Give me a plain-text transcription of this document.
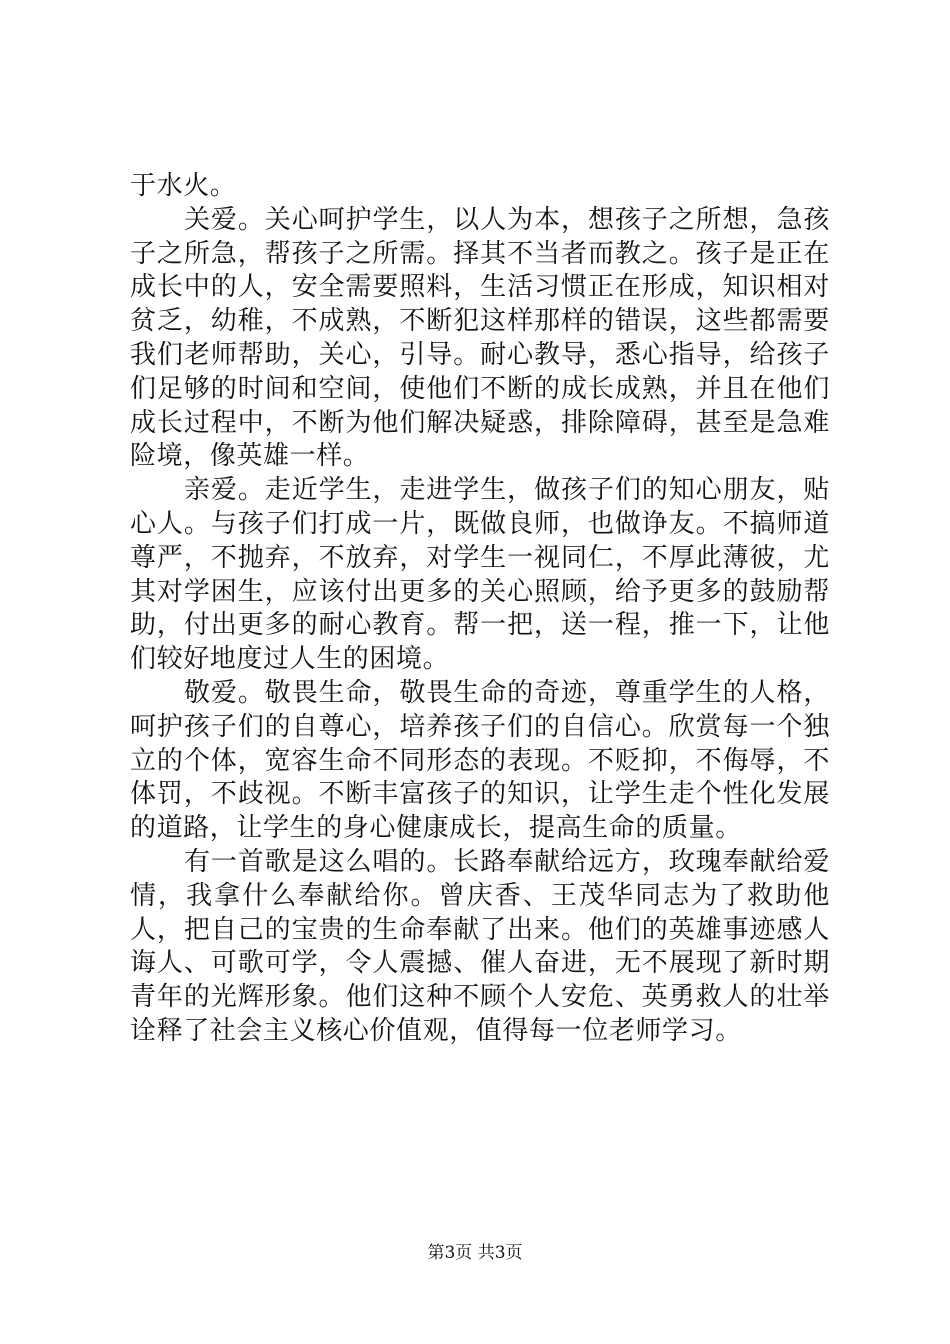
于水火。

关爱。关心呵护学生，以人为本，想孩子之所想，急孩子之所急，帮孩子之所需。择其不当者而教之。孩子是正在成长中的人，安全需要照料，生活习惯正在形成，知识相对贫乏，幼稚，不成熟，不断犯这样那样的错误，这些都需要我们老师帮助，关心，引导。耐心教导，悉心指导，给孩子们足够的时间和空间，使他们不断的成长成熟，并且在他们成长过程中，不断为他们解决疑惑，排除障碍，甚至是急难险境，像英雄一样。

亲爱。走近学生，走进学生，做孩子们的知心朋友，贴心人。与孩子们打成一片，既做良师，也做诤友。不搞师道尊严，不抛弃，不放弃，对学生一视同仁，不厚此薄彼，尤其对学困生，应该付出更多的关心照顾，给予更多的鼓励帮助，付出更多的耐心教育。帮一把，送一程，推一下，让他们较好地度过人生的困境。

敬爱。敬畏生命，敬畏生命的奇迹，尊重学生的人格，呵护孩子们的自尊心，培养孩子们的自信心。欣赏每一个独立的个体，宽容生命不同形态的表现。不贬抑，不侮辱，不体罚，不歧视。不断丰富孩子的知识，让学生走个性化发展的道路，让学生的身心健康成长，提高生命的质量。

有一首歌是这么唱的。长路奉献给远方，玫瑰奉献给爱情，我拿什么奉献给你。曾庆香、王茂华同志为了救助他人，把自己的宝贵的生命奉献了出来。他们的英雄事迹感人诲人、可歌可学，令人震撼、催人奋进，无不展现了新时期青年的光辉形象。他们这种不顾个人安危、英勇救人的壮举诠释了社会主义核心价值观，值得每一位老师学习。

第3页 共3页
